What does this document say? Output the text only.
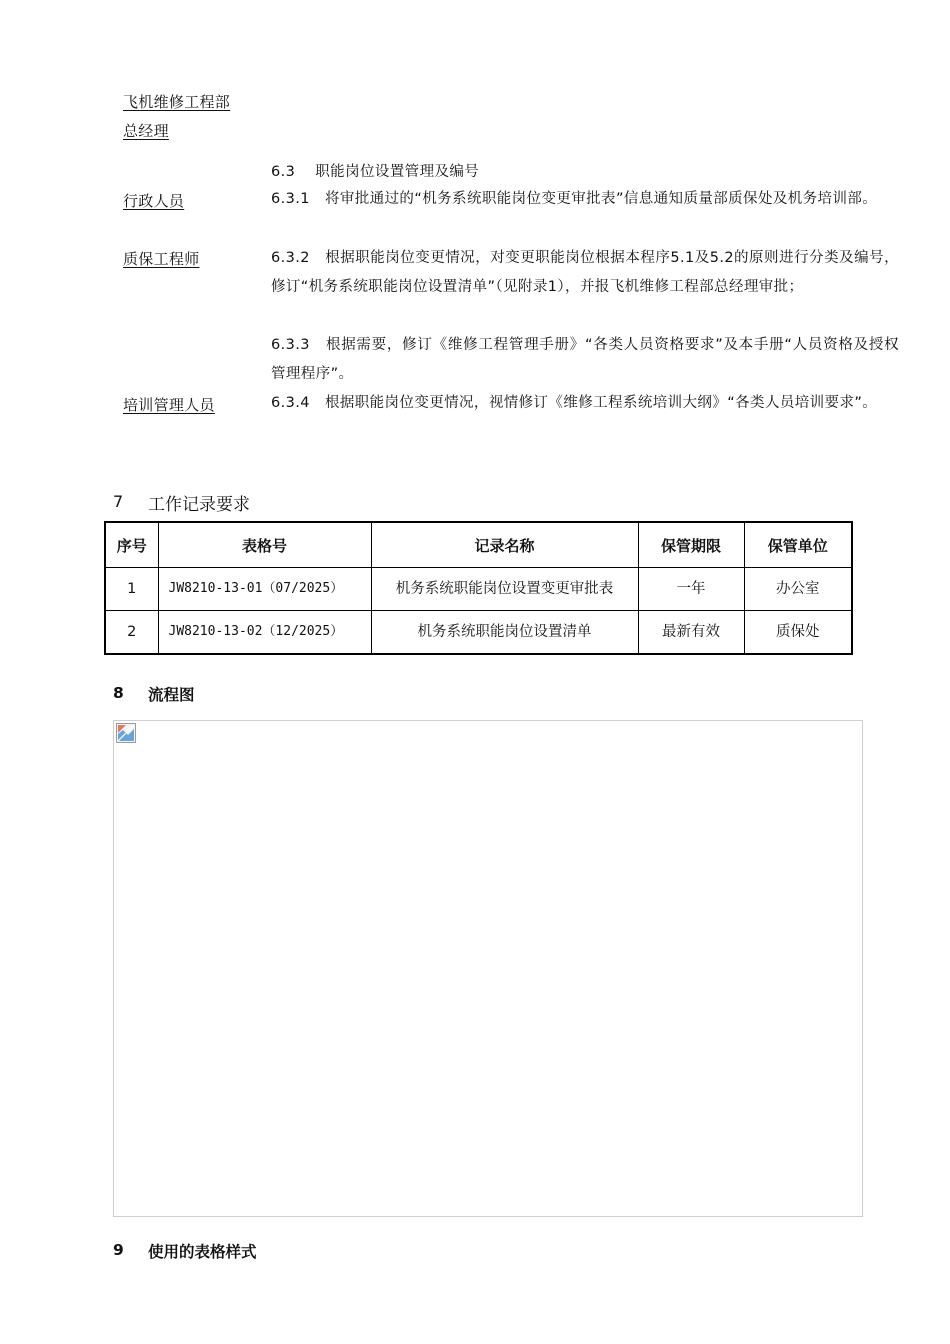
飞机维修工程部
总经理
6.3 职能岗位设置管理及编号
行政人员	6.3.1 将审批通过的“机务系统职能岗位变更审批表”信息通知质量部质保处及机务培训部。
质保工程师	6.3.2 根据职能岗位变更情况，对变更职能岗位根据本程序5.1及5.2的原则进行分类及编号，修订“机务系统职能岗位设置清单”（见附录1），并报飞机维修工程部总经理审批；
6.3.3 根据需要，修订《维修工程管理手册》“各类人员资格要求”及本手册“人员资格及授权管理程序”。
培训管理人员	6.3.4 根据职能岗位变更情况，视情修订《维修工程系统培训大纲》“各类人员培训要求”。
7 工作记录要求
序号	表格号	记录名称	保管期限	保管单位
1	JW8210-13-01（07/2025）	机务系统职能岗位设置变更审批表	一年	办公室
2	JW8210-13-02（12/2025）	机务系统职能岗位设置清单	最新有效	质保处
8 流程图
9 使用的表格样式
